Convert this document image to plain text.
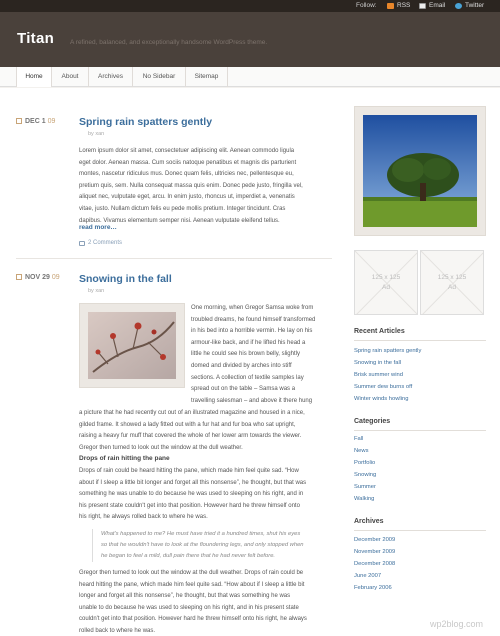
Follow:	RSS	Email	Twitter
Titan A refined, balanced, and exceptionally handsome WordPress theme.
Home	About	Archives	No Sidebar	Sitemap
DEC 1 09 Spring rain spatters gently
by xan
Lorem ipsum dolor sit amet, consectetuer adipiscing elit. Aenean commodo ligula
eget dolor. Aenean massa. Cum sociis natoque penatibus et magnis dis parturient
montes, nascetur ridiculus mus. Donec quam felis, ultricies nec, pellentesque eu,
pretium quis, sem. Nulla consequat massa quis enim. Donec pede justo, fringilla vel,
aliquet nec, vulputate eget, arcu. In enim justo, rhoncus ut, imperdiet a, venenatis
vitae, justo. Nullam dictum felis eu pede mollis pretium. Integer tincidunt. Cras
dapibus. Vivamus elementum semper nisi. Aenean vulputate eleifend tellus.
read more…
2 Comments
NOV 29 09 Snowing in the fall
by xan
One morning, when Gregor Samsa woke from
troubled dreams, he found himself transformed
in his bed into a horrible vermin. He lay on his
armour-like back, and if he lifted his head a
little he could see his brown belly, slightly
domed and divided by arches into stiff
sections. A collection of textile samples lay
spread out on the table – Samsa was a
travelling salesman – and above it there hung
a picture that he had recently cut out of an illustrated magazine and housed in a nice,
gilded frame. It showed a lady fitted out with a fur hat and fur boa who sat upright,
raising a heavy fur muff that covered the whole of her lower arm towards the viewer.
Gregor then turned to look out the window at the dull weather.
Drops of rain hitting the pane
Drops of rain could be heard hitting the pane, which made him feel quite sad. “How
about if I sleep a little bit longer and forget all this nonsense”, he thought, but that was
something he was unable to do because he was used to sleeping on his right, and in
his present state couldn't get into that position. However hard he threw himself onto
his right, he always rolled back to where he was.
What's happened to me? He must have tried it a hundred times, shut his eyes
so that he wouldn't have to look at the floundering legs, and only stopped when
he began to feel a mild, dull pain there that he had never felt before.
Gregor then turned to look out the window at the dull weather. Drops of rain could be
heard hitting the pane, which made him feel quite sad. “How about if I sleep a little bit
longer and forget all this nonsense”, he thought, but that was something he was
unable to do because he was used to sleeping on his right, and in his present state
couldn't get into that position. However hard he threw himself onto his right, he always
rolled back to where he was.
125 x 125
Ad
125 x 125
Ad
Recent Articles
Spring rain spatters gently
Snowing in the fall
Brisk summer wind
Summer dew burns off
Winter winds howling
Categories
Fall
News
Portfolio
Snowing
Summer
Walking
Archives
December 2009
November 2009
December 2008
June 2007
February 2006
wp2blog.com
